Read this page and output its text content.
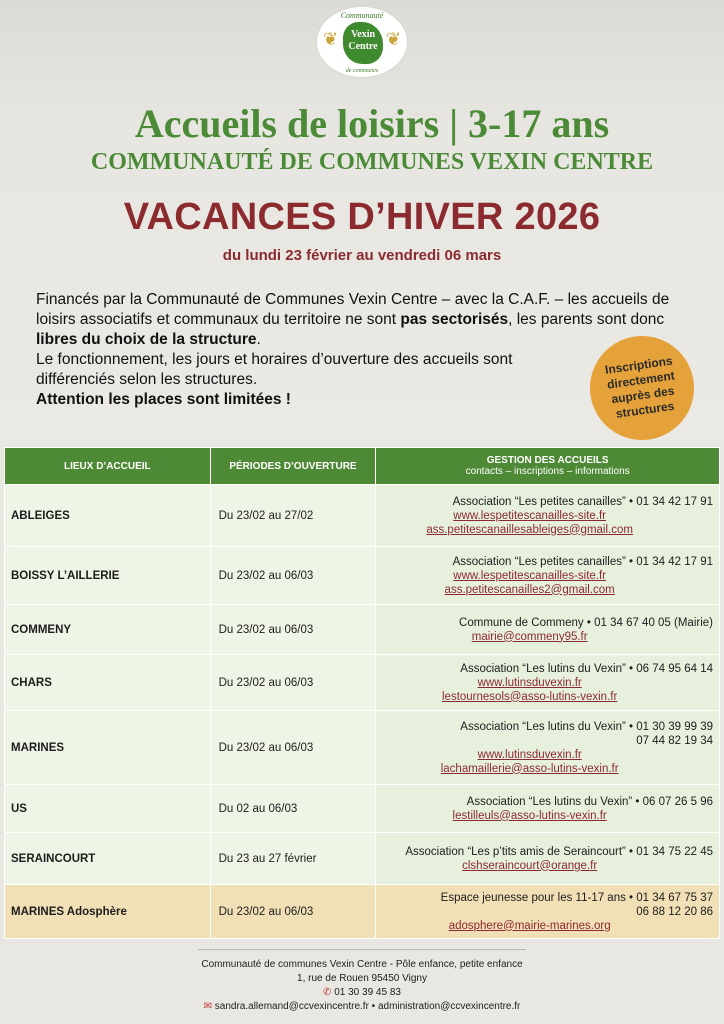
Communauté
❦	Vexin
Centre ❦
de communes
Accueils de loisirs | 3-17 ans
COMMUNAUTÉ DE COMMUNES VEXIN CENTRE
VACANCES D’HIVER 2026
du lundi 23 février au vendredi 06 mars

Financés par la Communauté de Communes Vexin Centre – avec la C.A.F. – les accueils de loisirs associatifs et communaux du territoire ne sont pas sectorisés, les parents sont donc libres du choix de la structure.

Le fonctionnement, les jours et horaires d’ouverture des accueils sont différenciés selon les structures.

Attention les places sont limitées !

Inscriptions directement auprès des structures
LIEUX D’ACCUEIL	PÉRIODES D’OUVERTURE	GESTION DES ACCUEILS
contacts – inscriptions – informations

ABLEIGES	Du 23/02 au 27/02	Association “Les petites canailles” • 01 34 42 17 91
www.lespetitescanailles-site.fr
ass.petitescanaillesableiges@gmail.com

BOISSY L’AILLERIE	Du 23/02 au 06/03	Association “Les petites canailles” • 01 34 42 17 91
www.lespetitescanailles-site.fr
ass.petitescanailles2@gmail.com

COMMENY	Du 23/02 au 06/03	Commune de Commeny • 01 34 67 40 05 (Mairie)
mairie@commeny95.fr

CHARS	Du 23/02 au 06/03	Association “Les lutins du Vexin” • 06 74 95 64 14
www.lutinsduvexin.fr
lestournesols@asso-lutins-vexin.fr

MARINES	Du 23/02 au 06/03	Association “Les lutins du Vexin” • 01 30 39 99 39
07 44 82 19 34
www.lutinsduvexin.fr
lachamaillerie@asso-lutins-vexin.fr

US	Du 02 au 06/03	Association “Les lutins du Vexin” • 06 07 26 5 96
lestilleuls@asso-lutins-vexin.fr

SERAINCOURT	Du 23 au 27 février	Association “Les p’tits amis de Seraincourt” • 01 34 75 22 45
clshseraincourt@orange.fr

MARINES Adosphère	Du 23/02 au 06/03	Espace jeunesse pour les 11-17 ans • 01 34 67 75 37
06 88 12 20 86
adosphere@mairie-marines.org
Communauté de communes Vexin Centre - Pôle enfance, petite enfance
1, rue de Rouen 95450 Vigny
✆ 01 30 39 45 83
✉ sandra.allemand@ccvexincentre.fr • administration@ccvexincentre.fr
